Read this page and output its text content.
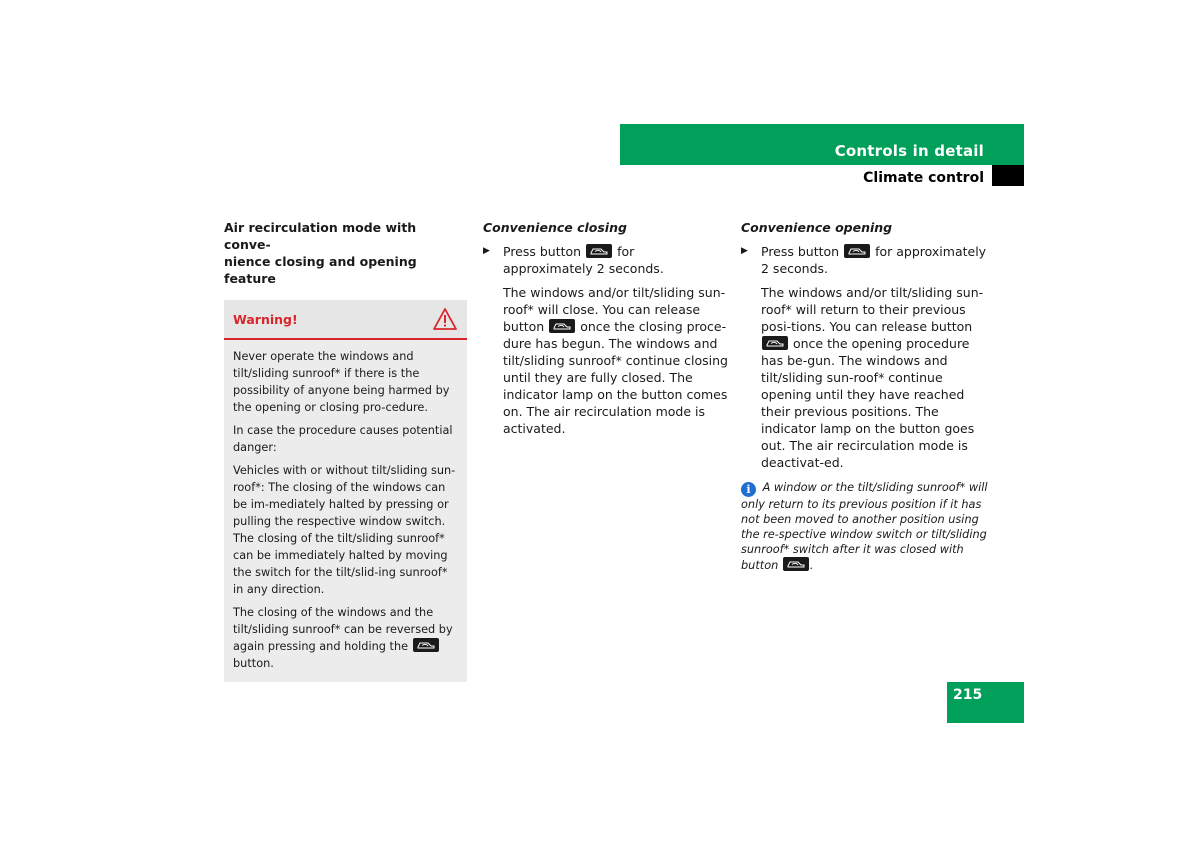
Controls in detail
Climate control
Air recirculation mode with conve-
nience closing and opening feature
Warning!

Never operate the windows and tilt/sliding sunroof* if there is the possibility of anyone being harmed by the opening or closing pro-cedure.

In case the procedure causes potential danger:

Vehicles with or without tilt/sliding sun-roof*: The closing of the windows can be im-mediately halted by pressing or pulling the respective window switch. The closing of the tilt/sliding sunroof* can be immediately halted by moving the switch for the tilt/slid-ing sunroof* in any direction.

The closing of the windows and the tilt/sliding sunroof* can be reversed by again pressing and holding the
button.

Convenience closing
▶	Press button	for approximately 2 seconds.
The windows and/or tilt/sliding sun-roof* will close. You can release button	once the closing proce-dure has begun. The windows and tilt/sliding sunroof* continue closing until they are fully closed. The indicator lamp on the button comes on. The air recirculation mode is activated.
Convenience opening
▶	Press button	for approximately 2 seconds.
The windows and/or tilt/sliding sun-roof* will return to their previous posi-tions. You can release button
once the opening procedure has be-gun. The windows and tilt/sliding sun-roof* continue opening until they have reached their previous positions. The indicator lamp on the button goes out. The air recirculation mode is deactivat-ed.
i A window or the tilt/sliding sunroof* will only return to its previous position if it has not been moved to another position using the re-spective window switch or tilt/sliding sunroof* switch after it was closed with button	.
215
